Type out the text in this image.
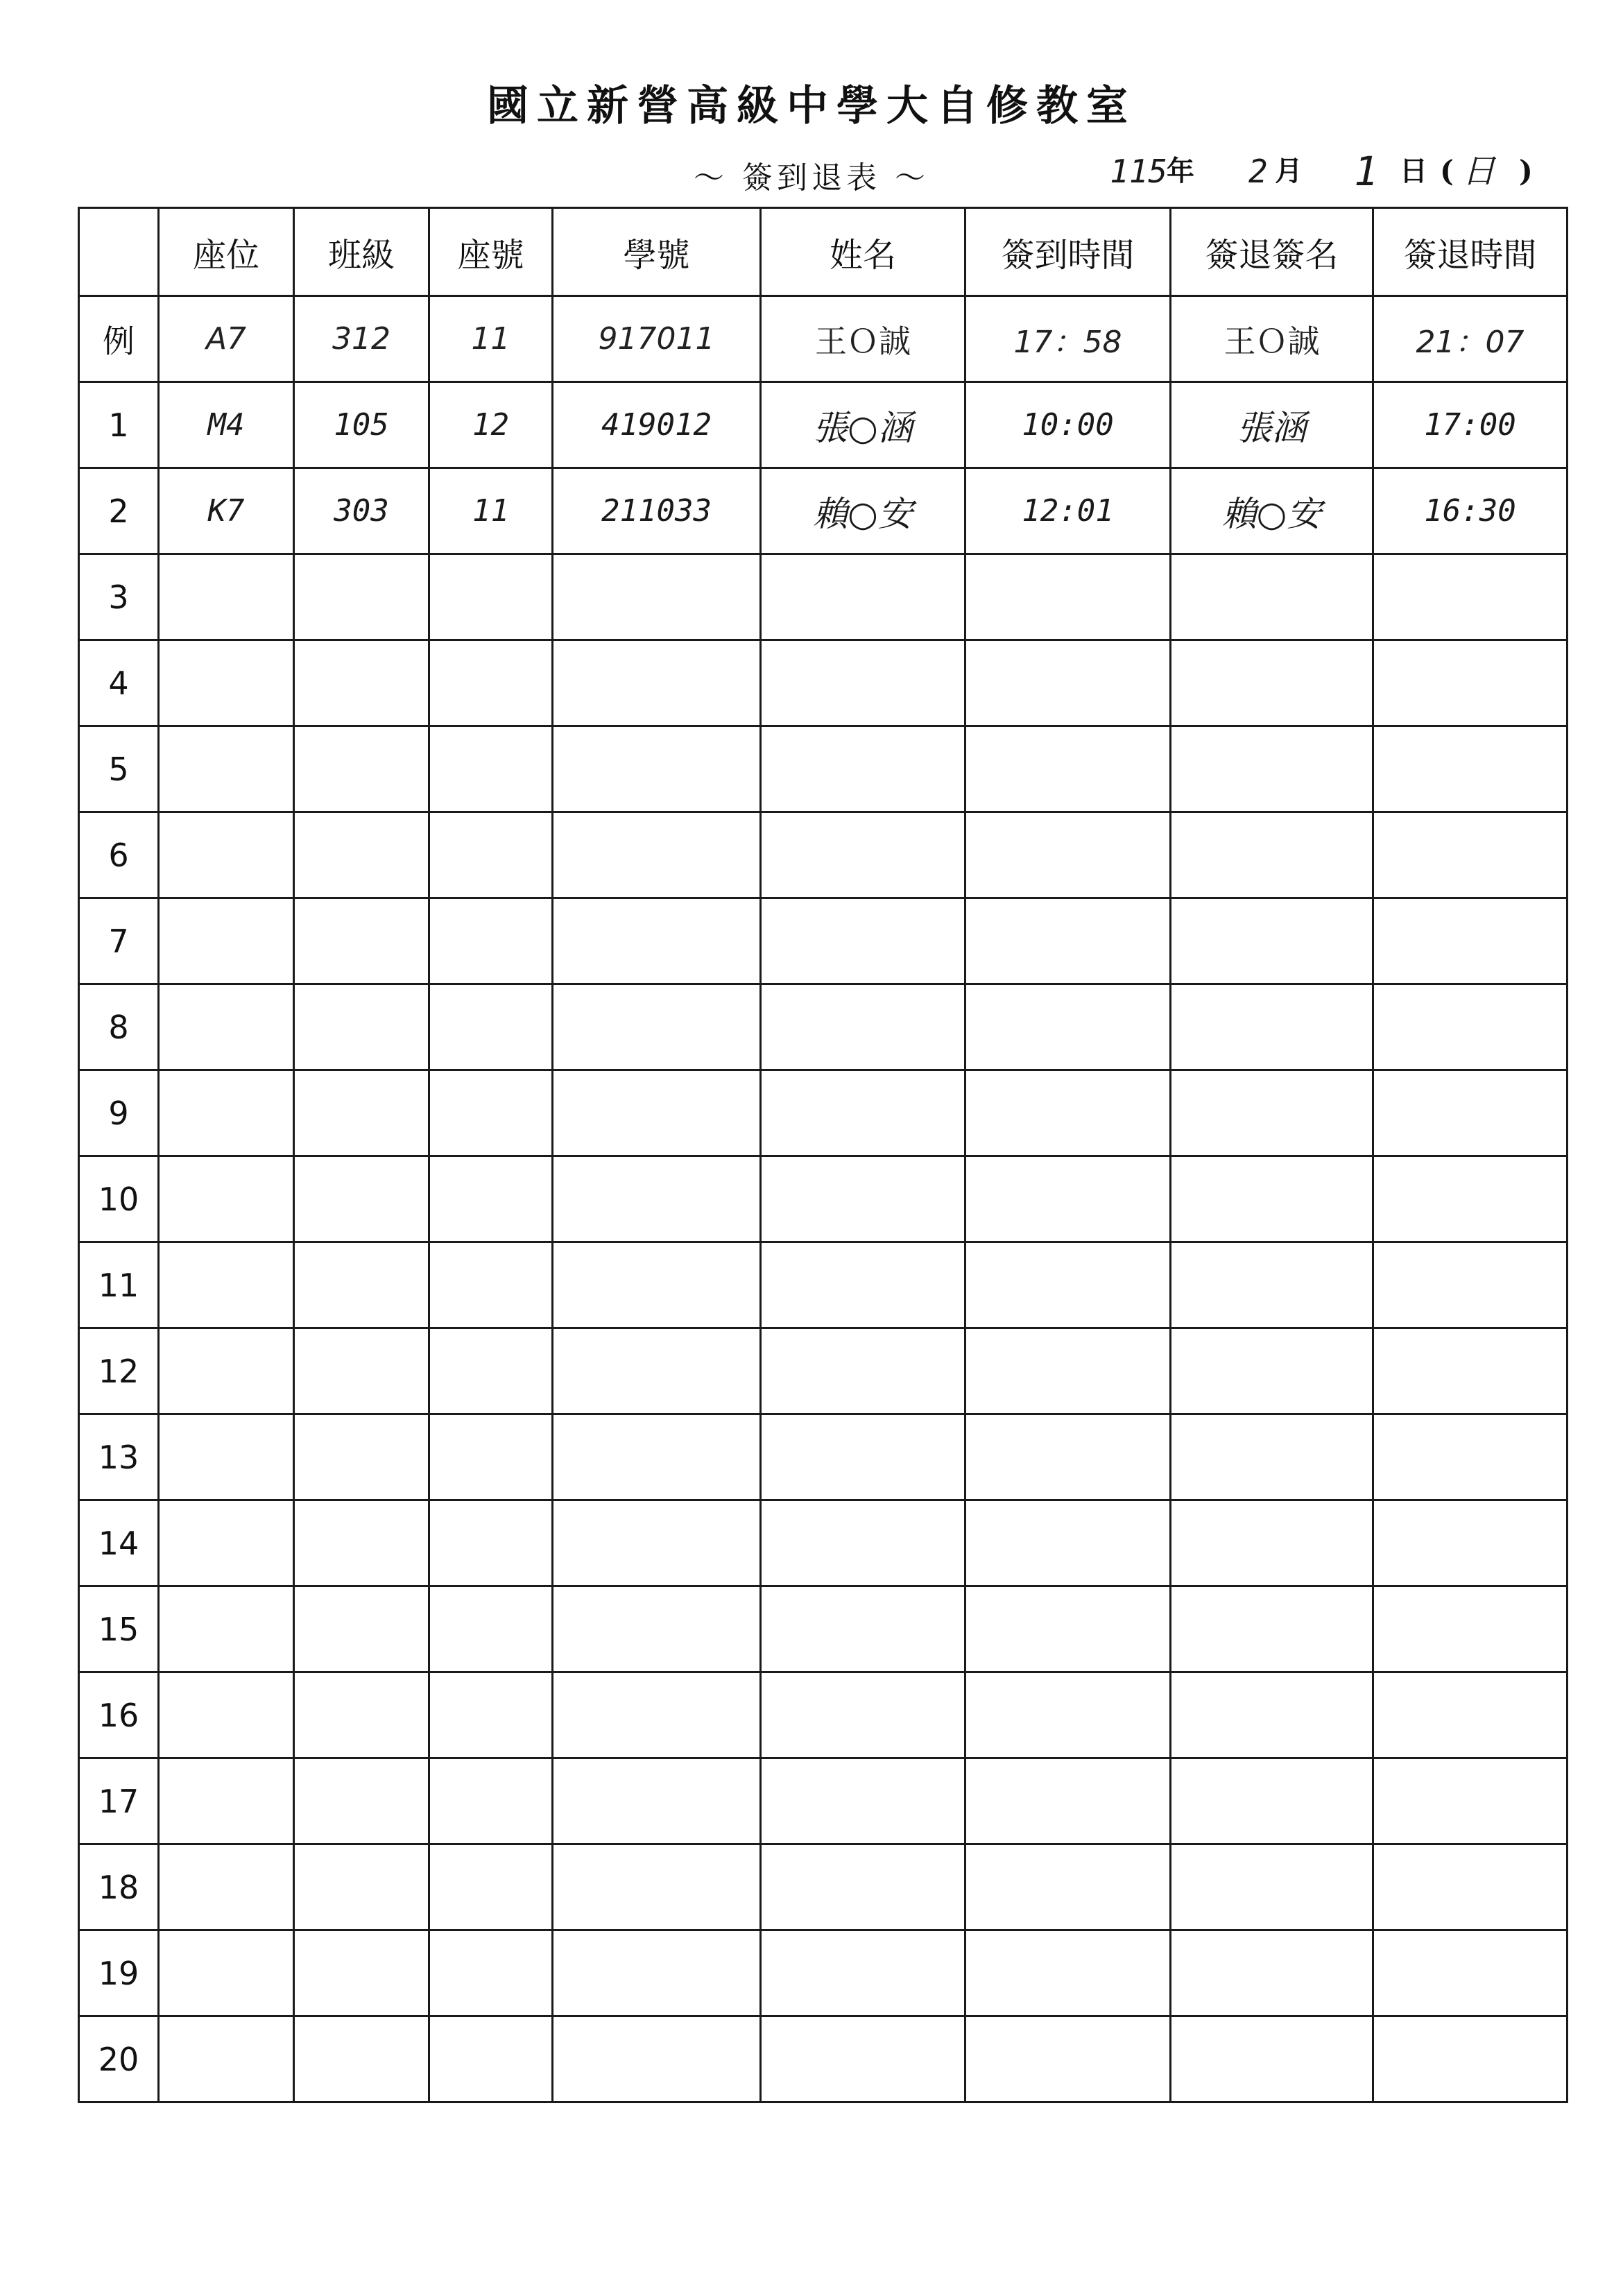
國立新營高級中學大自修教室
～ 簽到退表 ～	115
年 2 月 1 日 ( 日 )
	座位	班級	座號	學號	姓名	簽到時間	簽退簽名	簽退時間
例	A7	312	11	917011	王Ｏ誠	17：58	王Ｏ誠	21：07
1	M4	105	12	419012	張○涵	10:00	張涵	17:00
2	K7	303	11	211033	賴○安	12:01	賴○安	16:30
3								
4								
5								
6								
7								
8								
9								
10								
11								
12								
13								
14								
15								
16								
17								
18								
19								
20								
